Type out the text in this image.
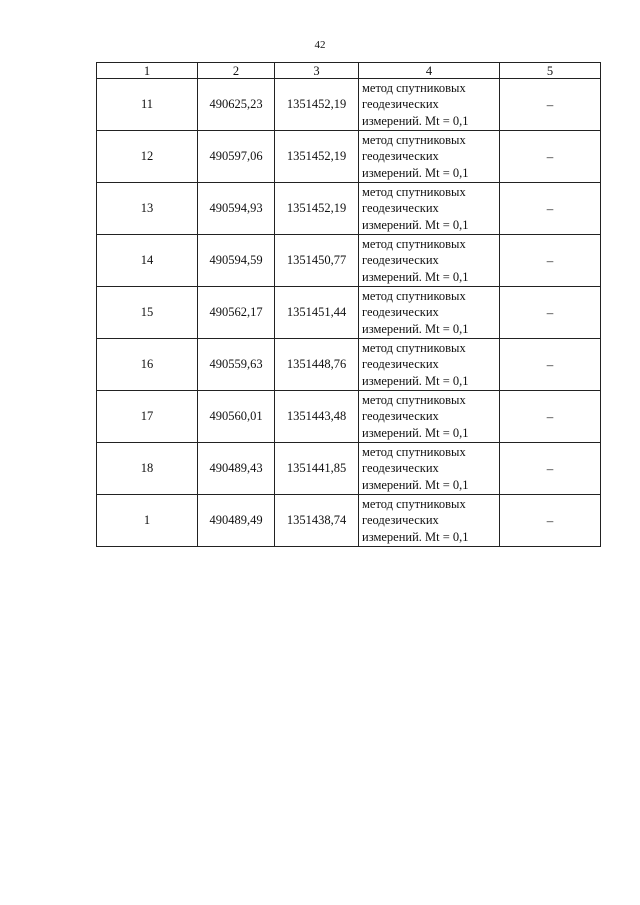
42
1	2	3	4	5
11	490625,23	1351452,19	метод спутниковых
геодезических
измерений. Mt = 0,1	–
12	490597,06	1351452,19	метод спутниковых
геодезических
измерений. Mt = 0,1	–
13	490594,93	1351452,19	метод спутниковых
геодезических
измерений. Mt = 0,1	–
14	490594,59	1351450,77	метод спутниковых
геодезических
измерений. Mt = 0,1	–
15	490562,17	1351451,44	метод спутниковых
геодезических
измерений. Mt = 0,1	–
16	490559,63	1351448,76	метод спутниковых
геодезических
измерений. Mt = 0,1	–
17	490560,01	1351443,48	метод спутниковых
геодезических
измерений. Mt = 0,1	–
18	490489,43	1351441,85	метод спутниковых
геодезических
измерений. Mt = 0,1	–
1	490489,49	1351438,74	метод спутниковых
геодезических
измерений. Mt = 0,1	–
